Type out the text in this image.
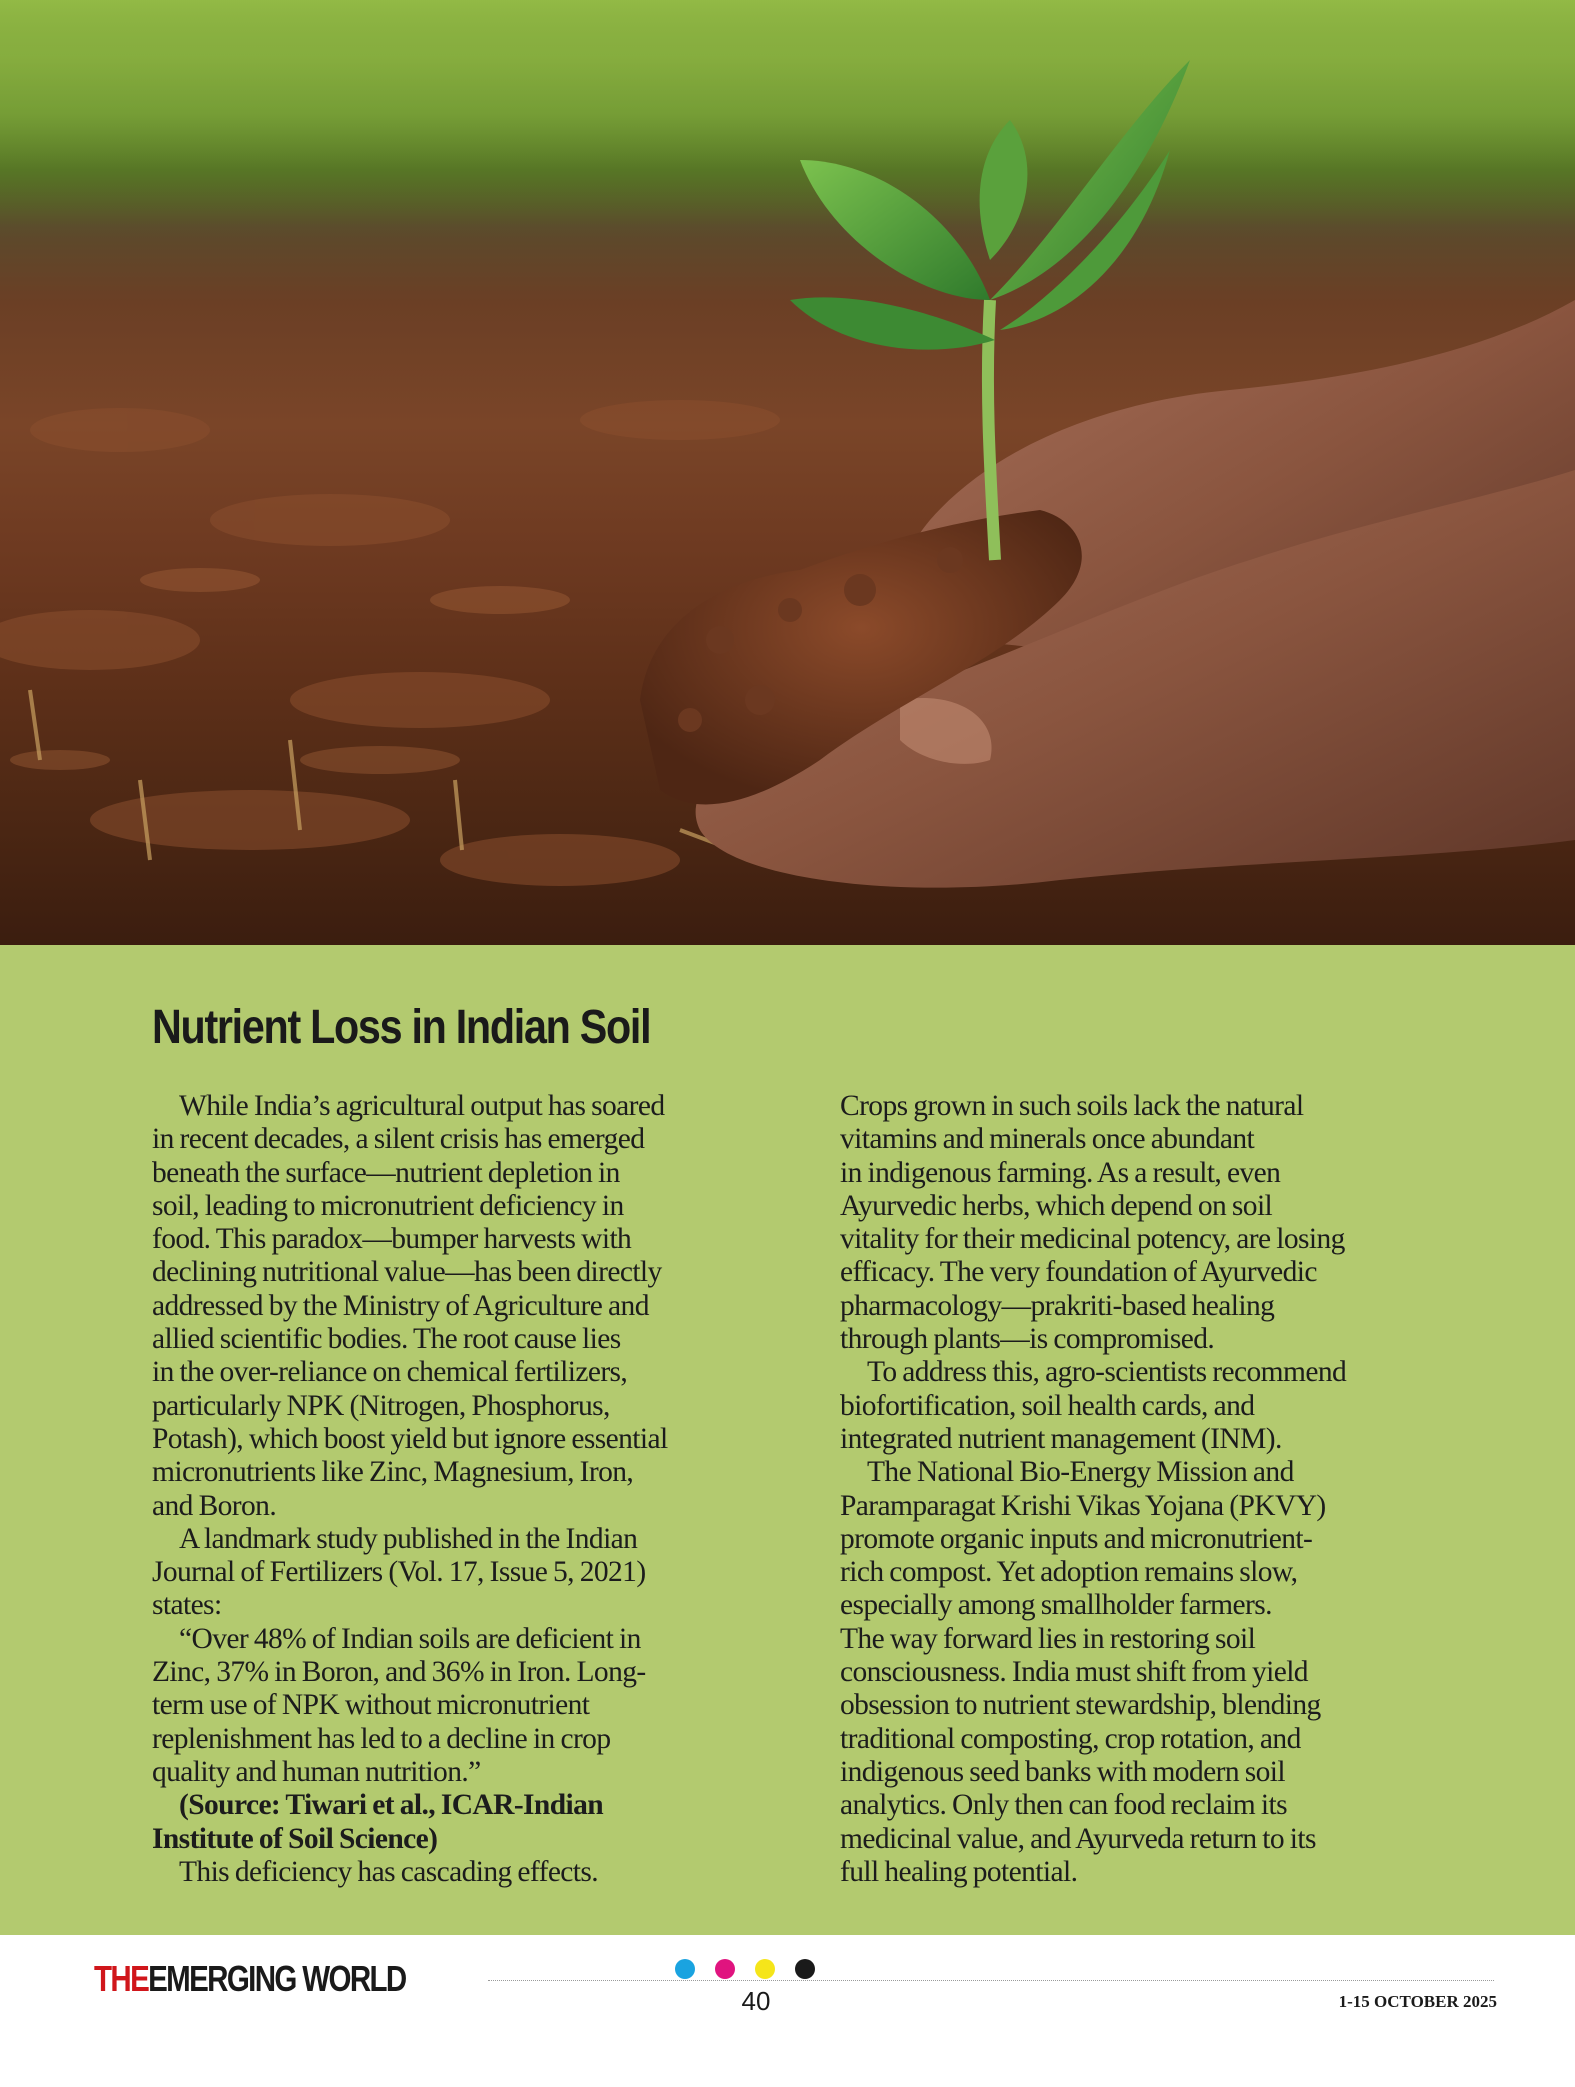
Nutrient Loss in Indian Soil

While India’s agricultural output has soared

in recent decades, a silent crisis has emerged

beneath the surface—nutrient depletion in

soil, leading to micronutrient deficiency in

food. This paradox—bumper harvests with

declining nutritional value—has been directly

addressed by the Ministry of Agriculture and

allied scientific bodies. The root cause lies

in the over-reliance on chemical fertilizers,

particularly NPK (Nitrogen, Phosphorus,

Potash), which boost yield but ignore essential

micronutrients like Zinc, Magnesium, Iron,

and Boron.

A landmark study published in the Indian

Journal of Fertilizers (Vol. 17, Issue 5, 2021)

states:

“Over 48% of Indian soils are deficient in

Zinc, 37% in Boron, and 36% in Iron. Long-

term use of NPK without micronutrient

replenishment has led to a decline in crop

quality and human nutrition.”

(Source: Tiwari et al., ICAR-Indian

Institute of Soil Science)

This deficiency has cascading effects.

Crops grown in such soils lack the natural

vitamins and minerals once abundant

in indigenous farming. As a result, even

Ayurvedic herbs, which depend on soil

vitality for their medicinal potency, are losing

efficacy. The very foundation of Ayurvedic

pharmacology—prakriti-based healing

through plants—is compromised.

To address this, agro-scientists recommend

biofortification, soil health cards, and

integrated nutrient management (INM).

The National Bio-Energy Mission and

Paramparagat Krishi Vikas Yojana (PKVY)

promote organic inputs and micronutrient-

rich compost. Yet adoption remains slow,

especially among smallholder farmers.

The way forward lies in restoring soil

consciousness. India must shift from yield

obsession to nutrient stewardship, blending

traditional composting, crop rotation, and

indigenous seed banks with modern soil

analytics. Only then can food reclaim its

medicinal value, and Ayurveda return to its

full healing potential.

THEEMERGING WORLD
40	1-15 OCTOBER 2025
